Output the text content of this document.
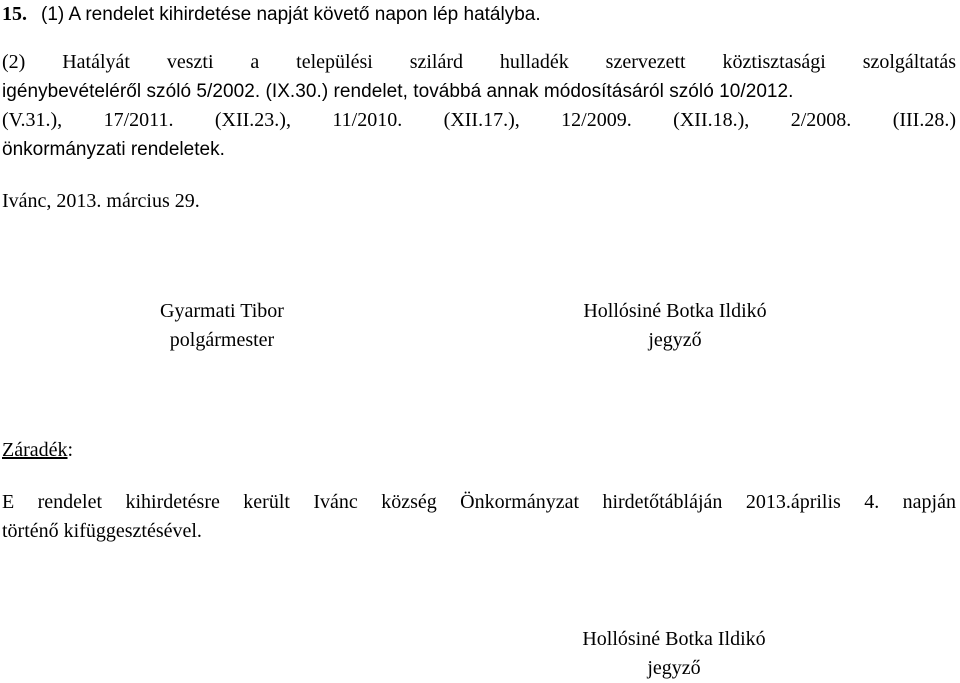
15. (1) A rendelet kihirdetése napját követő napon lép hatályba.
(2) Hatályát veszti a települési szilárd hulladék szervezett köztisztasági szolgáltatás
igénybevételéről szóló 5/2002. (IX.30.) rendelet, továbbá annak módosításáról szóló 10/2012.
(V.31.), 17/2011. (XII.23.), 11/2010. (XII.17.), 12/2009. (XII.18.), 2/2008. (III.28.)
önkormányzati rendeletek.
Ivánc, 2013. március 29.
Gyarmati Tibor
polgármester
Hollósiné Botka Ildikó
jegyző
Záradék:
E rendelet kihirdetésre került Ivánc község Önkormányzat hirdetőtábláján 2013.április 4. napján
történő kifüggesztésével.
Hollósiné Botka Ildikó
jegyző
